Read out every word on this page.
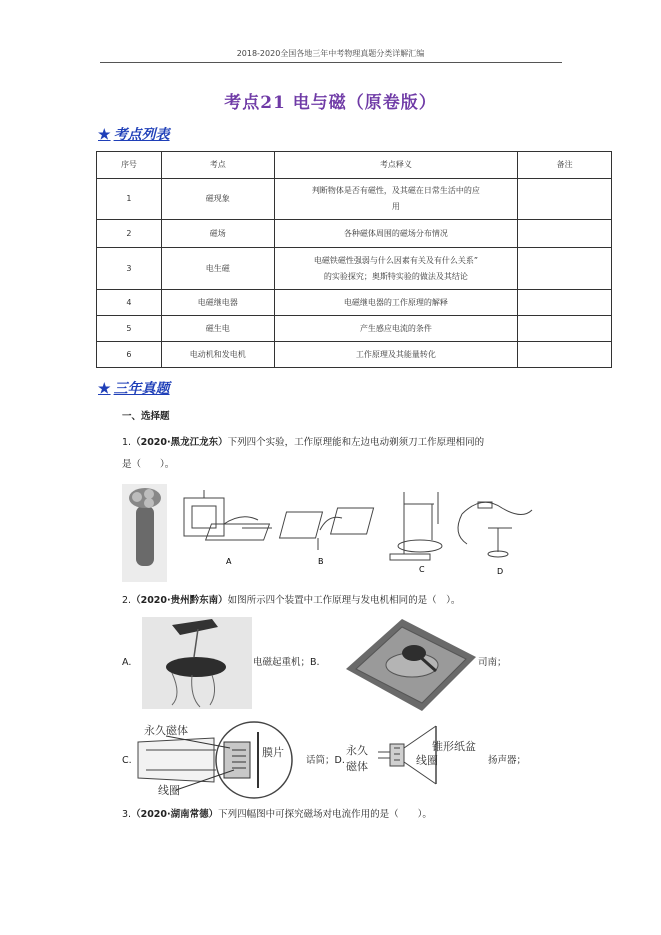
2018-2020全国各地三年中考物理真题分类详解汇编
考点21 电与磁（原卷版）
★ 考点列表
序号	考点	考点释义	备注
1	磁现象	判断物体是否有磁性，及其磁在日常生活中的应
用	

2	磁场	各种磁体周围的磁场分布情况	
3	电生磁	电磁铁磁性强弱与什么因素有关及有什么关系”
的实验探究；奥斯特实验的做法及其结论	

4	电磁继电器	电磁继电器的工作原理的解释	
5	磁生电	产生感应电流的条件	
6	电动机和发电机	工作原理及其能量转化	
★ 三年真题
一、选择题
1.（2020·黑龙江龙东）下列四个实验，工作原理能和左边电动剃须刀工作原理相同的
是（　　）。
A	B
C	D
2.（2020·贵州黔东南）如图所示四个装置中工作原理与发电机相同的是（　）。
A.	电磁起重机；B.	司南；
C.
永久磁体
膜片
线圈
话筒；D.
永久
磁体
锥形纸盆
线圈	扬声器；
3.（2020·湖南常德）下列四幅图中可探究磁场对电流作用的是（　　）。
